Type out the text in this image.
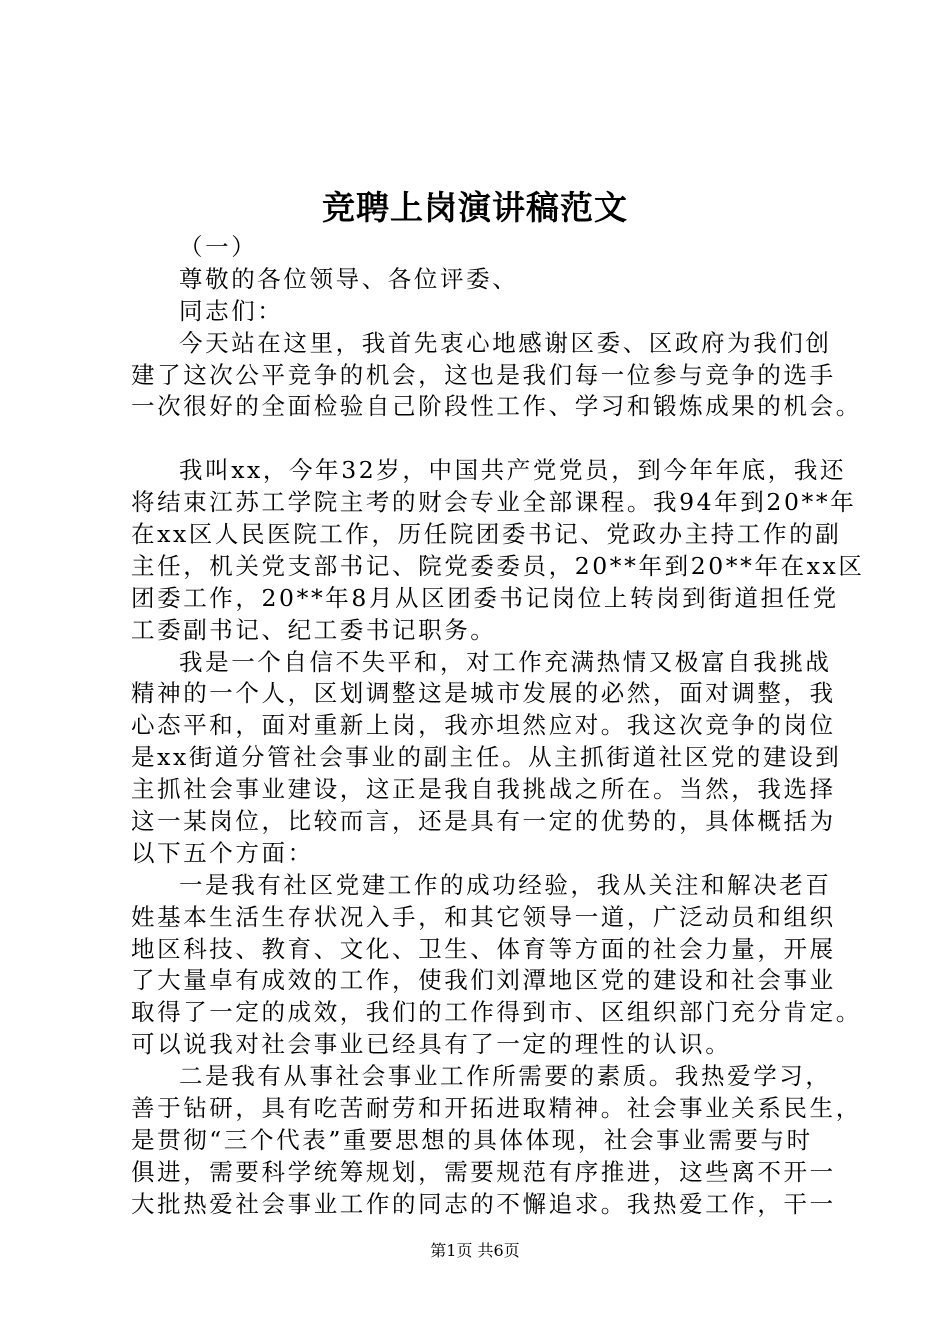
竞聘上岗演讲稿范文
（一）
尊敬的各位领导、各位评委、
同志们：
今天站在这里，我首先衷心地感谢区委、区政府为我们创
建了这次公平竞争的机会，这也是我们每一位参与竞争的选手
一次很好的全面检验自己阶段性工作、学习和锻炼成果的机会。
我叫xx，今年32岁，中国共产党党员，到今年年底，我还
将结束江苏工学院主考的财会专业全部课程。我94年到20**年
在xx区人民医院工作，历任院团委书记、党政办主持工作的副
主任，机关党支部书记、院党委委员，20**年到20**年在xx区
团委工作，20**年8月从区团委书记岗位上转岗到街道担任党
工委副书记、纪工委书记职务。
我是一个自信不失平和，对工作充满热情又极富自我挑战
精神的一个人，区划调整这是城市发展的必然，面对调整，我
心态平和，面对重新上岗，我亦坦然应对。我这次竞争的岗位
是xx街道分管社会事业的副主任。从主抓街道社区党的建设到
主抓社会事业建设，这正是我自我挑战之所在。当然，我选择
这一某岗位，比较而言，还是具有一定的优势的，具体概括为
以下五个方面：
一是我有社区党建工作的成功经验，我从关注和解决老百
姓基本生活生存状况入手，和其它领导一道，广泛动员和组织
地区科技、教育、文化、卫生、体育等方面的社会力量，开展
了大量卓有成效的工作，使我们刘潭地区党的建设和社会事业
取得了一定的成效，我们的工作得到市、区组织部门充分肯定。
可以说我对社会事业已经具有了一定的理性的认识。
二是我有从事社会事业工作所需要的素质。我热爱学习，
善于钻研，具有吃苦耐劳和开拓进取精神。社会事业关系民生，
是贯彻“三个代表”重要思想的具体体现，社会事业需要与时
俱进，需要科学统筹规划，需要规范有序推进，这些离不开一
大批热爱社会事业工作的同志的不懈追求。我热爱工作，干一
第1页 共6页
